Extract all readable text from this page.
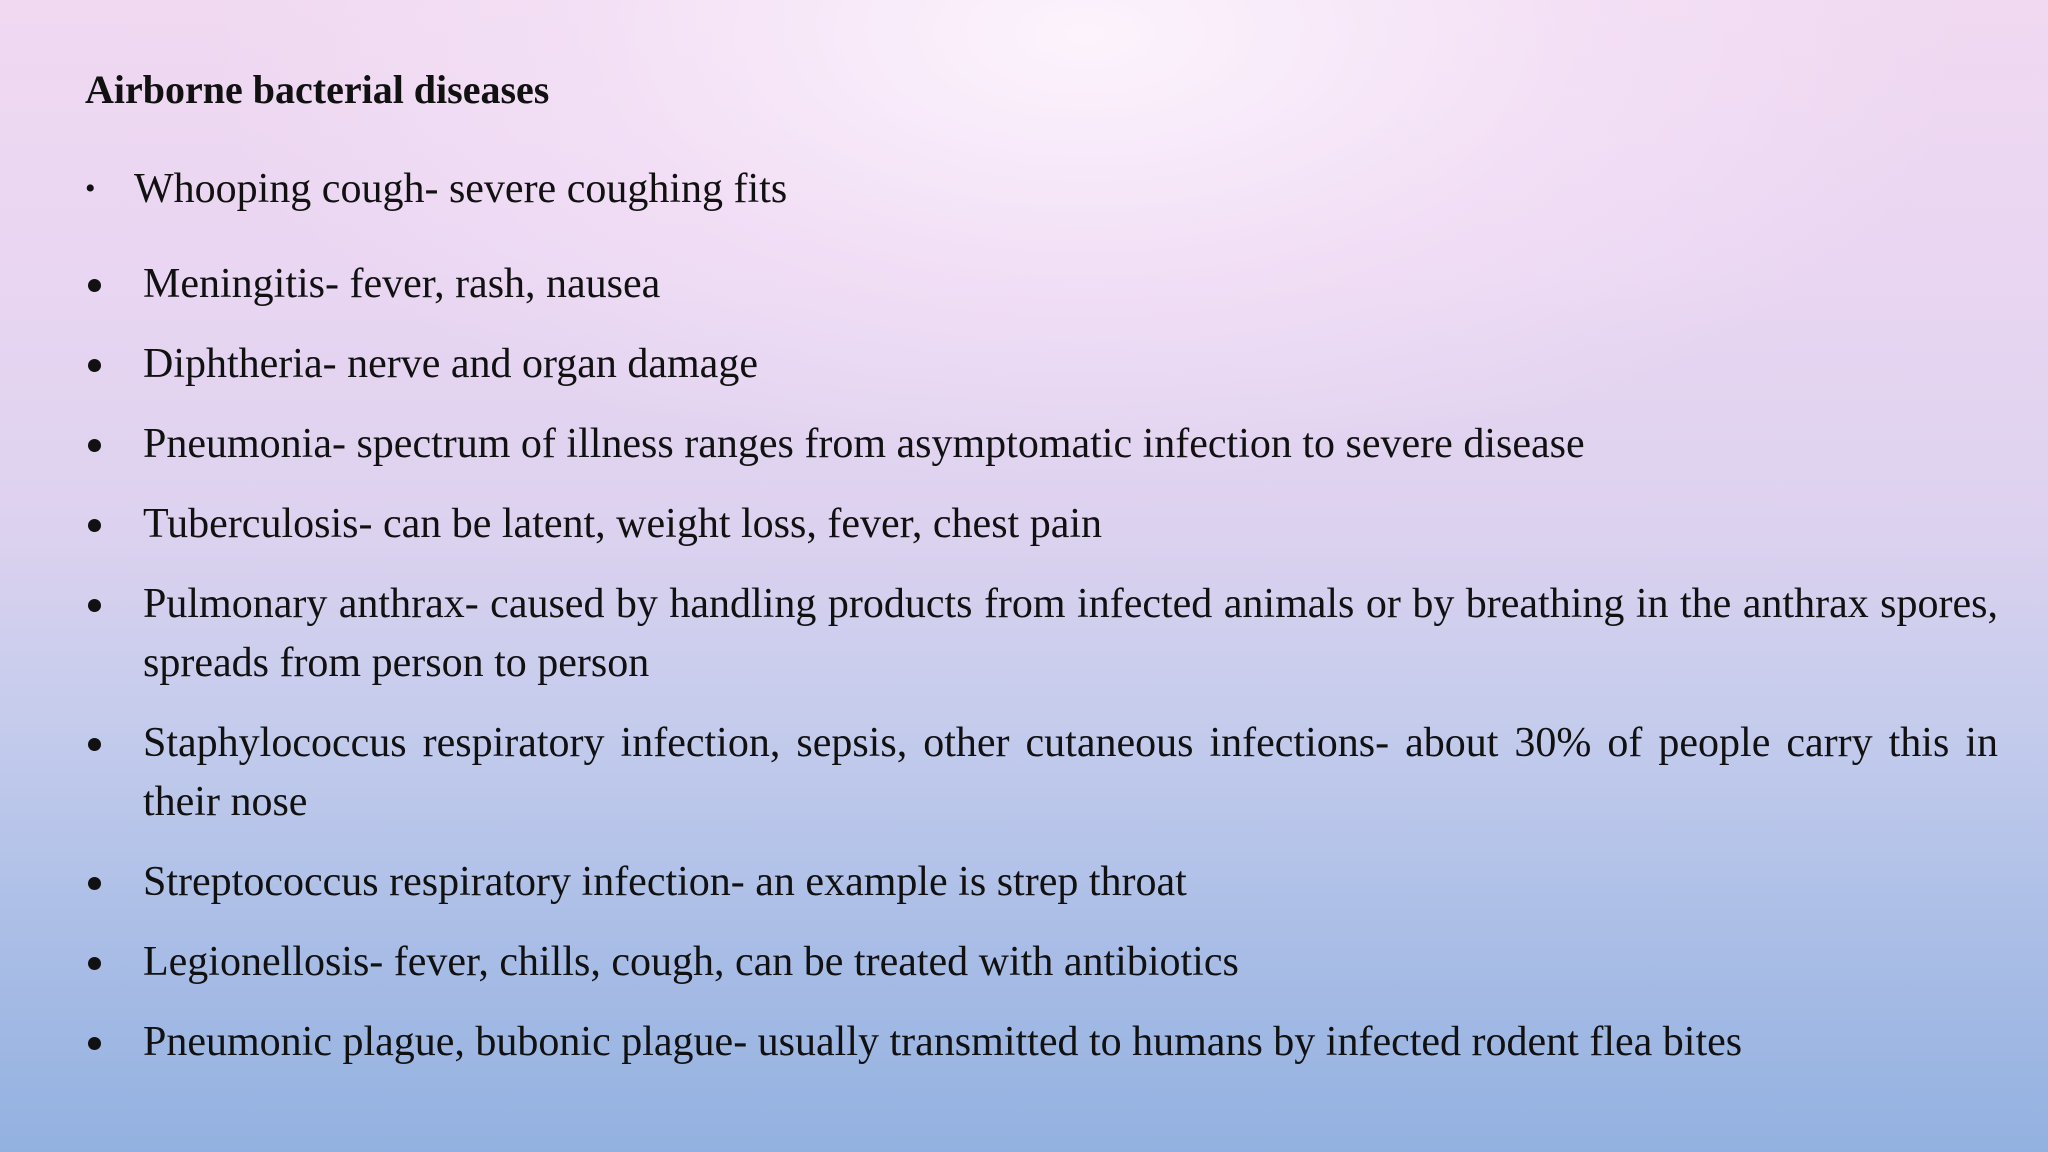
Airborne bacterial diseases
• Whooping cough- severe coughing fits
Meningitis- fever, rash, nausea
Diphtheria- nerve and organ damage
Pneumonia- spectrum of illness ranges from asymptomatic infection to severe disease
Tuberculosis- can be latent, weight loss, fever, chest pain
Pulmonary anthrax- caused by handling products from infected animals or by breathing in the anthrax spores, spreads from person to person
Staphylococcus respiratory infection, sepsis, other cutaneous infections- about 30% of people carry this in their nose
Streptococcus respiratory infection- an example is strep throat
Legionellosis- fever, chills, cough, can be treated with antibiotics
Pneumonic plague, bubonic plague- usually transmitted to humans by infected rodent flea bites
